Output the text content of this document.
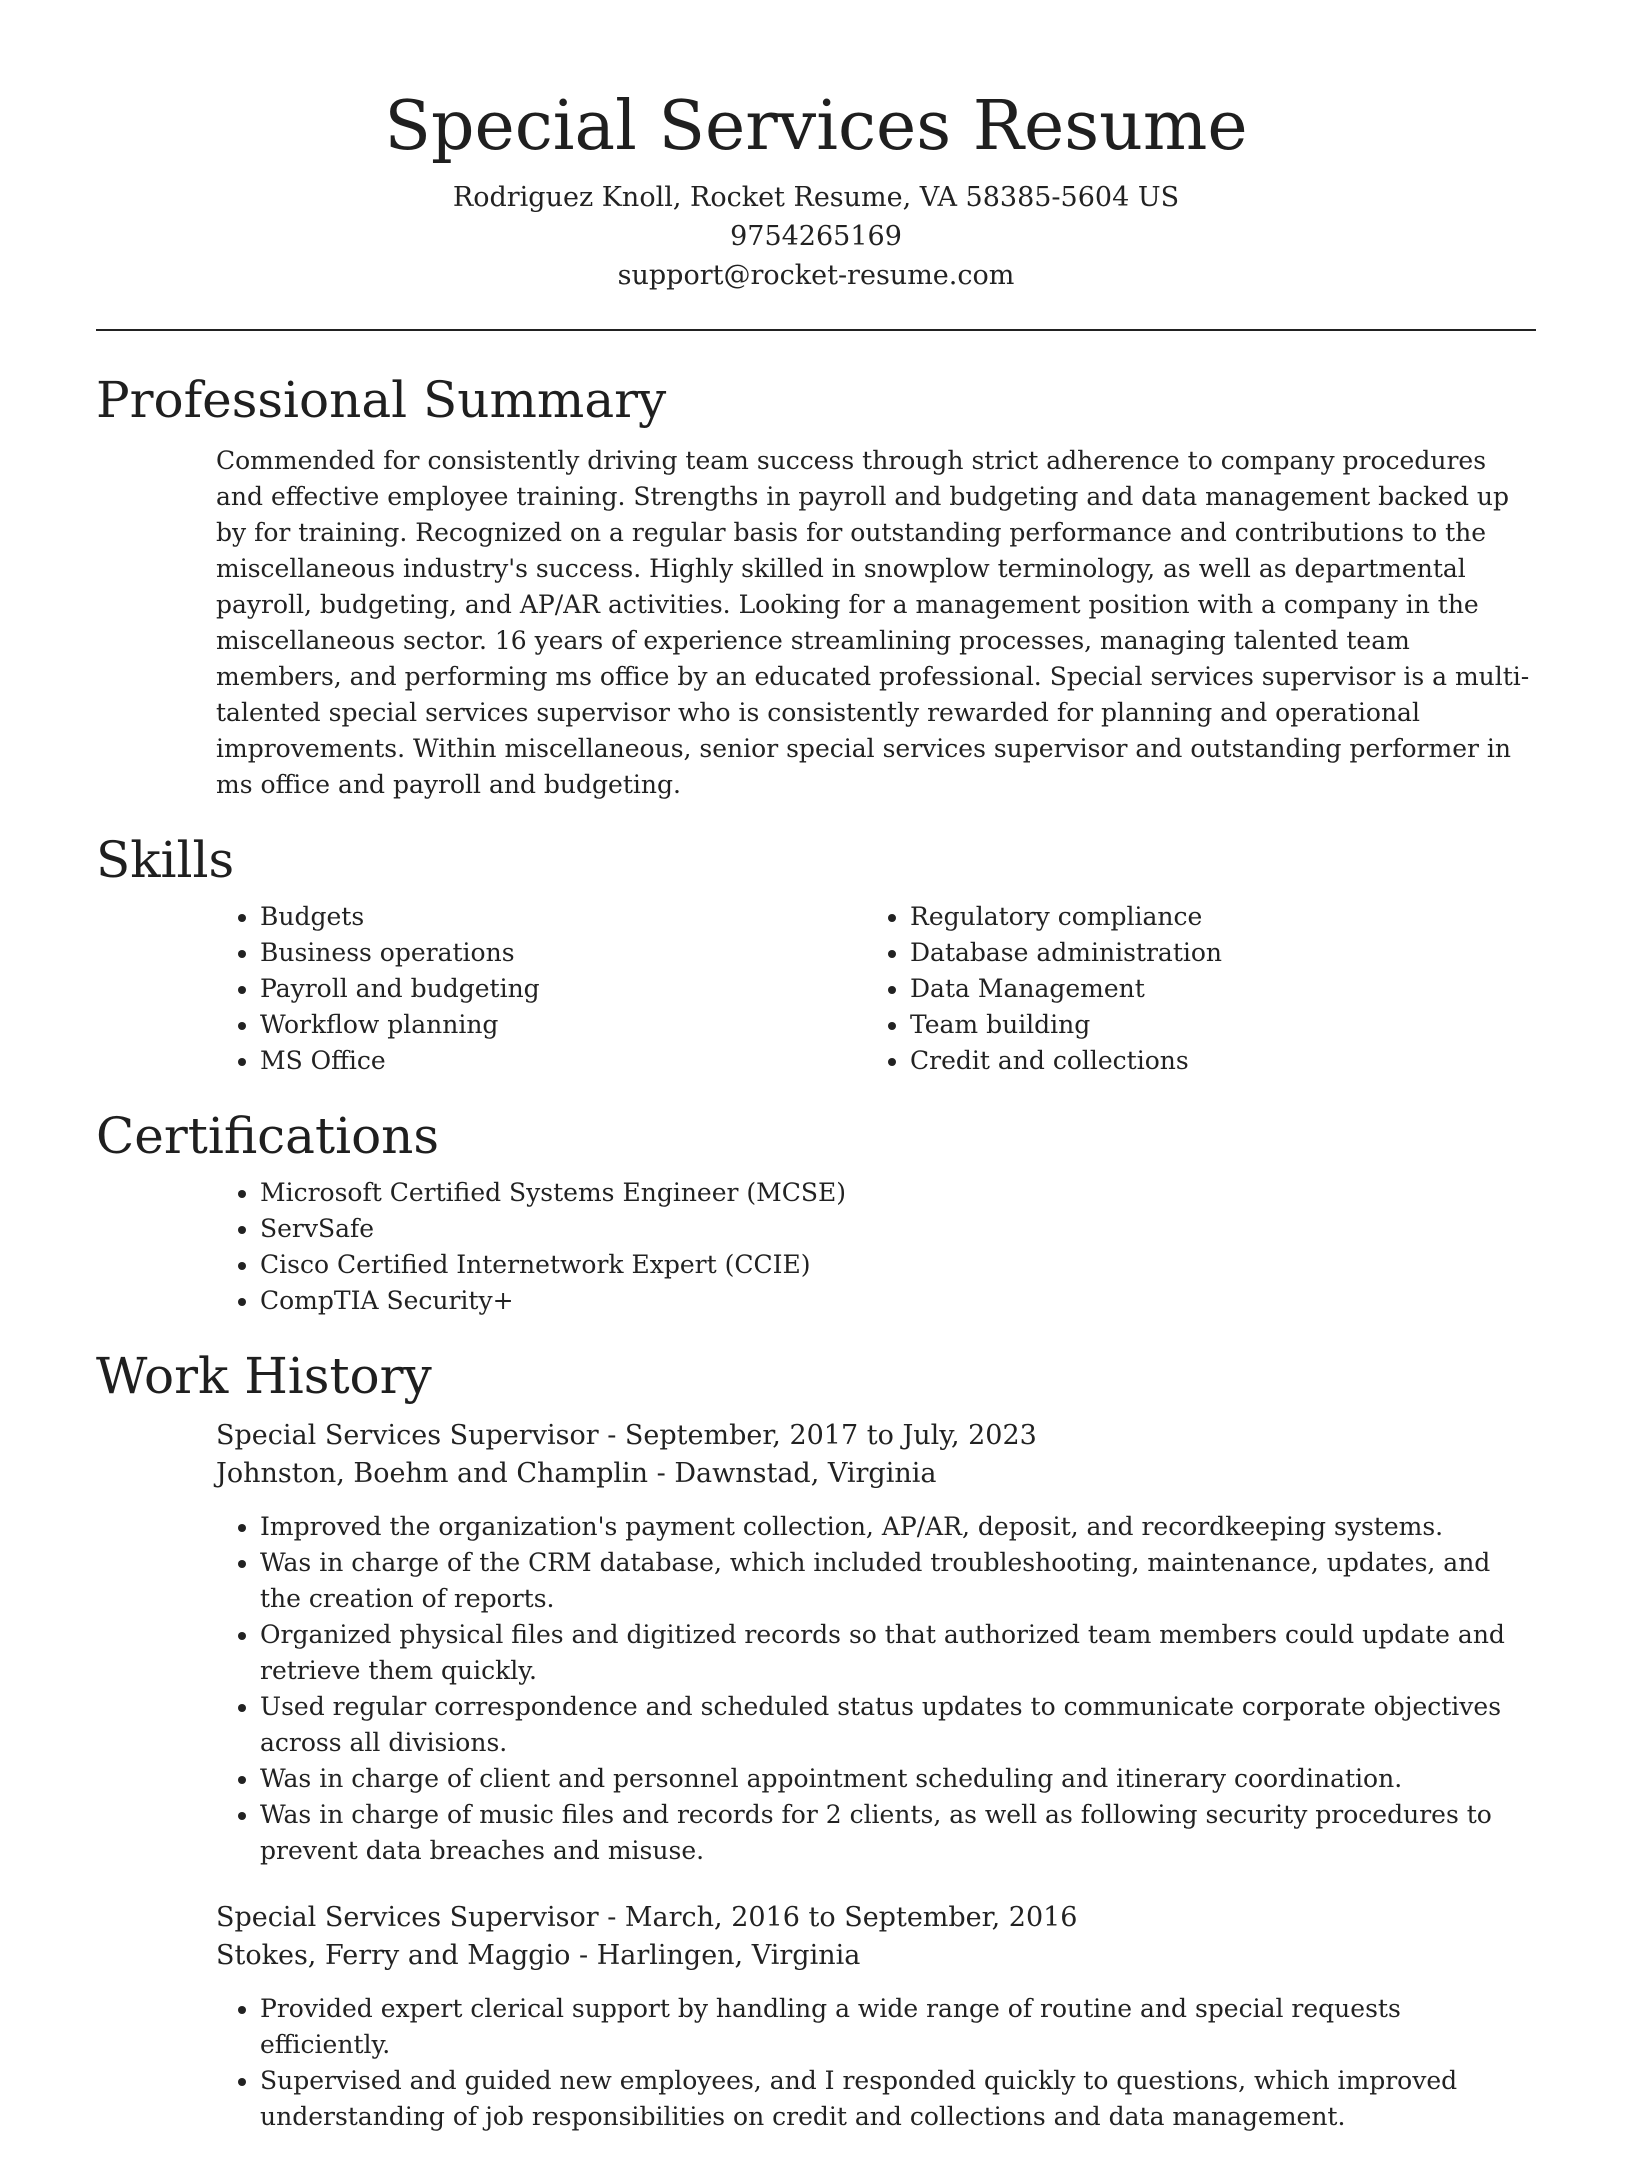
Special Services Resume

Rodriguez Knoll, Rocket Resume, VA 58385-5604 US

9754265169

support@rocket-resume.com

Professional Summary

Commended for consistently driving team success through strict adherence to company procedures and effective employee training. Strengths in payroll and budgeting and data management backed up by for training. Recognized on a regular basis for outstanding performance and contributions to the miscellaneous industry's success. Highly skilled in snowplow terminology, as well as departmental payroll, budgeting, and AP/AR activities. Looking for a management position with a company in the miscellaneous sector. 16 years of experience streamlining processes, managing talented team members, and performing ms office by an educated professional. Special services supervisor is a multi-talented special services supervisor who is consistently rewarded for planning and operational improvements. Within miscellaneous, senior special services supervisor and outstanding performer in ms office and payroll and budgeting.

Skills
• Budgets
• Business operations
• Payroll and budgeting
• Workflow planning
• MS Office
• Regulatory compliance
• Database administration
• Data Management
• Team building
• Credit and collections
Certifications
• Microsoft Certified Systems Engineer (MCSE)
• ServSafe
• Cisco Certified Internetwork Expert (CCIE)
• CompTIA Security+
Work History

Special Services Supervisor - September, 2017 to July, 2023

Johnston, Boehm and Champlin - Dawnstad, Virginia

• Improved the organization's payment collection, AP/AR, deposit, and recordkeeping systems.
• Was in charge of the CRM database, which included troubleshooting, maintenance, updates, and the creation of reports.
• Organized physical files and digitized records so that authorized team members could update and retrieve them quickly.
• Used regular correspondence and scheduled status updates to communicate corporate objectives across all divisions.
• Was in charge of client and personnel appointment scheduling and itinerary coordination.
• Was in charge of music files and records for 2 clients, as well as following security procedures to prevent data breaches and misuse.

Special Services Supervisor - March, 2016 to September, 2016

Stokes, Ferry and Maggio - Harlingen, Virginia

• Provided expert clerical support by handling a wide range of routine and special requests efficiently.
• Supervised and guided new employees, and I responded quickly to questions, which improved understanding of job responsibilities on credit and collections and data management.
